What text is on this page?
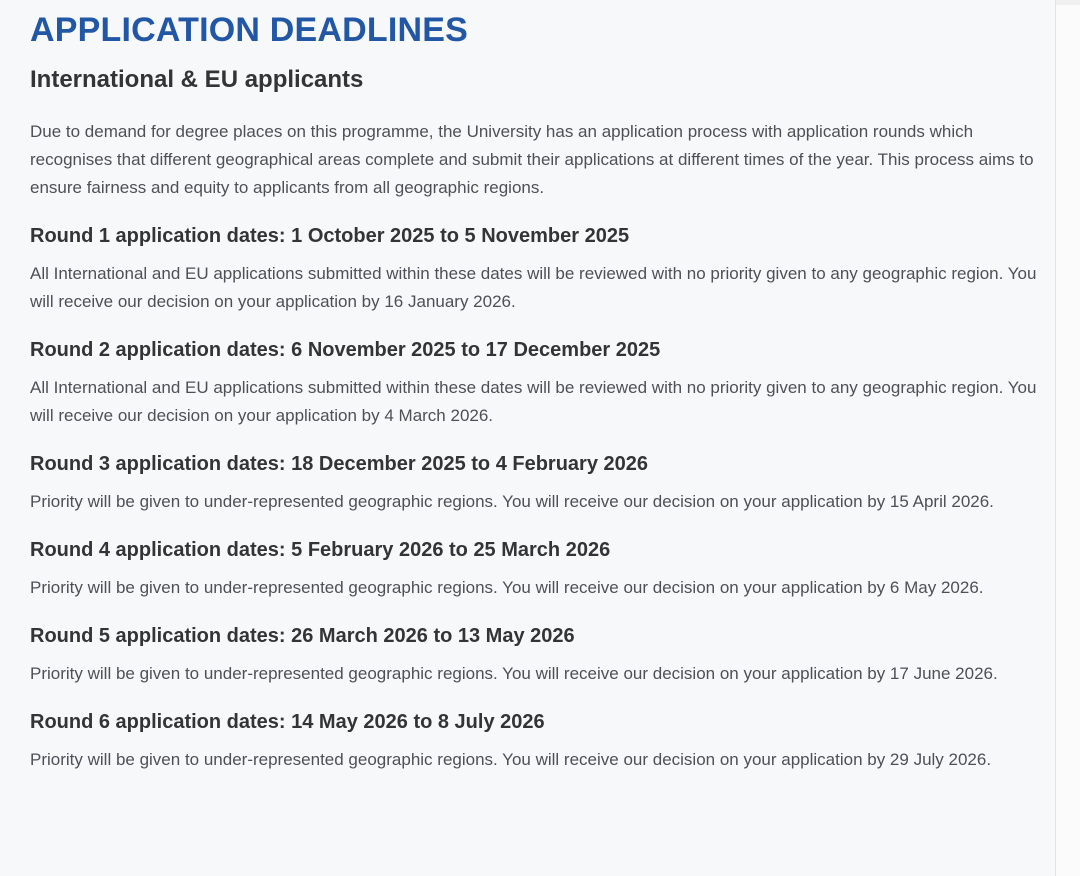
APPLICATION DEADLINES
International & EU applicants

Due to demand for degree places on this programme, the University has an application process with application rounds which recognises that different geographical areas complete and submit their applications at different times of the year. This process aims to ensure fairness and equity to applicants from all geographic regions.

Round 1 application dates: 1 October 2025 to 5 November 2025

All International and EU applications submitted within these dates will be reviewed with no priority given to any geographic region. You will receive our decision on your application by 16 January 2026.

Round 2 application dates: 6 November 2025 to 17 December 2025

All International and EU applications submitted within these dates will be reviewed with no priority given to any geographic region. You will receive our decision on your application by 4 March 2026.

Round 3 application dates: 18 December 2025 to 4 February 2026

Priority will be given to under-represented geographic regions. You will receive our decision on your application by 15 April 2026.

Round 4 application dates: 5 February 2026 to 25 March 2026

Priority will be given to under-represented geographic regions. You will receive our decision on your application by 6 May 2026.

Round 5 application dates: 26 March 2026 to 13 May 2026

Priority will be given to under-represented geographic regions. You will receive our decision on your application by 17 June 2026.

Round 6 application dates: 14 May 2026 to 8 July 2026

Priority will be given to under-represented geographic regions. You will receive our decision on your application by 29 July 2026.
